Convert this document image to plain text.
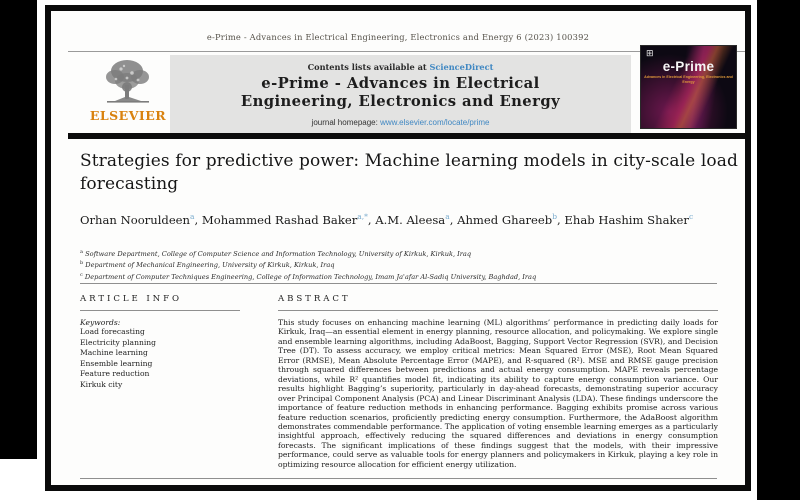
e-Prime - Advances in Electrical Engineering, Electronics and Energy 6 (2023) 100392
ELSEVIER
Contents lists available at ScienceDirect
e-Prime - Advances in Electrical Engineering, Electronics and Energy
journal homepage: www.elsevier.com/locate/prime
⊞
e-Prime
Advances in Electrical Engineering, Electronics and Energy
Strategies for predictive power: Machine learning models in city-scale load forecasting
Orhan Nooruldeen$^a$, Mohammed Rashad Baker$^{a,*}$, A.M. Aleesa$^a$, Ahmed Ghareeb$^b$, Ehab Hashim Shaker$^c$
$^a$ Software Department, College of Computer Science and Information Technology, University of Kirkuk, Kirkuk, Iraq
$^b$ Department of Mechanical Engineering, University of Kirkuk, Kirkuk, Iraq
$^c$ Department of Computer Techniques Engineering, College of Information Technology, Imam Ja'afar Al-Sadiq University, Baghdad, Iraq
ARTICLE INFO
Keywords:
Load forecasting
Electricity planning
Machine learning
Ensemble learning
Feature reduction
Kirkuk city
ABSTRACT
This study focuses on enhancing machine learning (ML) algorithms’ performance in predicting daily loads for Kirkuk, Iraq—an essential element in energy planning, resource allocation, and policymaking. We explore single and ensemble learning algorithms, including AdaBoost, Bagging, Support Vector Regression (SVR), and Decision Tree (DT). To assess accuracy, we employ critical metrics: Mean Squared Error (MSE), Root Mean Squared Error (RMSE), Mean Absolute Percentage Error (MAPE), and R-squared (R²). MSE and RMSE gauge precision through squared differences between predictions and actual energy consumption. MAPE reveals percentage deviations, while R² quantifies model fit, indicating its ability to capture energy consumption variance. Our results highlight Bagging’s superiority, particularly in day-ahead forecasts, demonstrating superior accuracy over Principal Component Analysis (PCA) and Linear Discriminant Analysis (LDA). These findings underscore the importance of feature reduction methods in enhancing performance. Bagging exhibits promise across various feature reduction scenarios, proficiently predicting energy consumption. Furthermore, the AdaBoost algorithm demonstrates commendable performance. The application of voting ensemble learning emerges as a particularly insightful approach, effectively reducing the squared differences and deviations in energy consumption forecasts. The significant implications of these findings suggest that the models, with their impressive performance, could serve as valuable tools for energy planners and policymakers in Kirkuk, playing a key role in optimizing resource allocation for efficient energy utilization.
